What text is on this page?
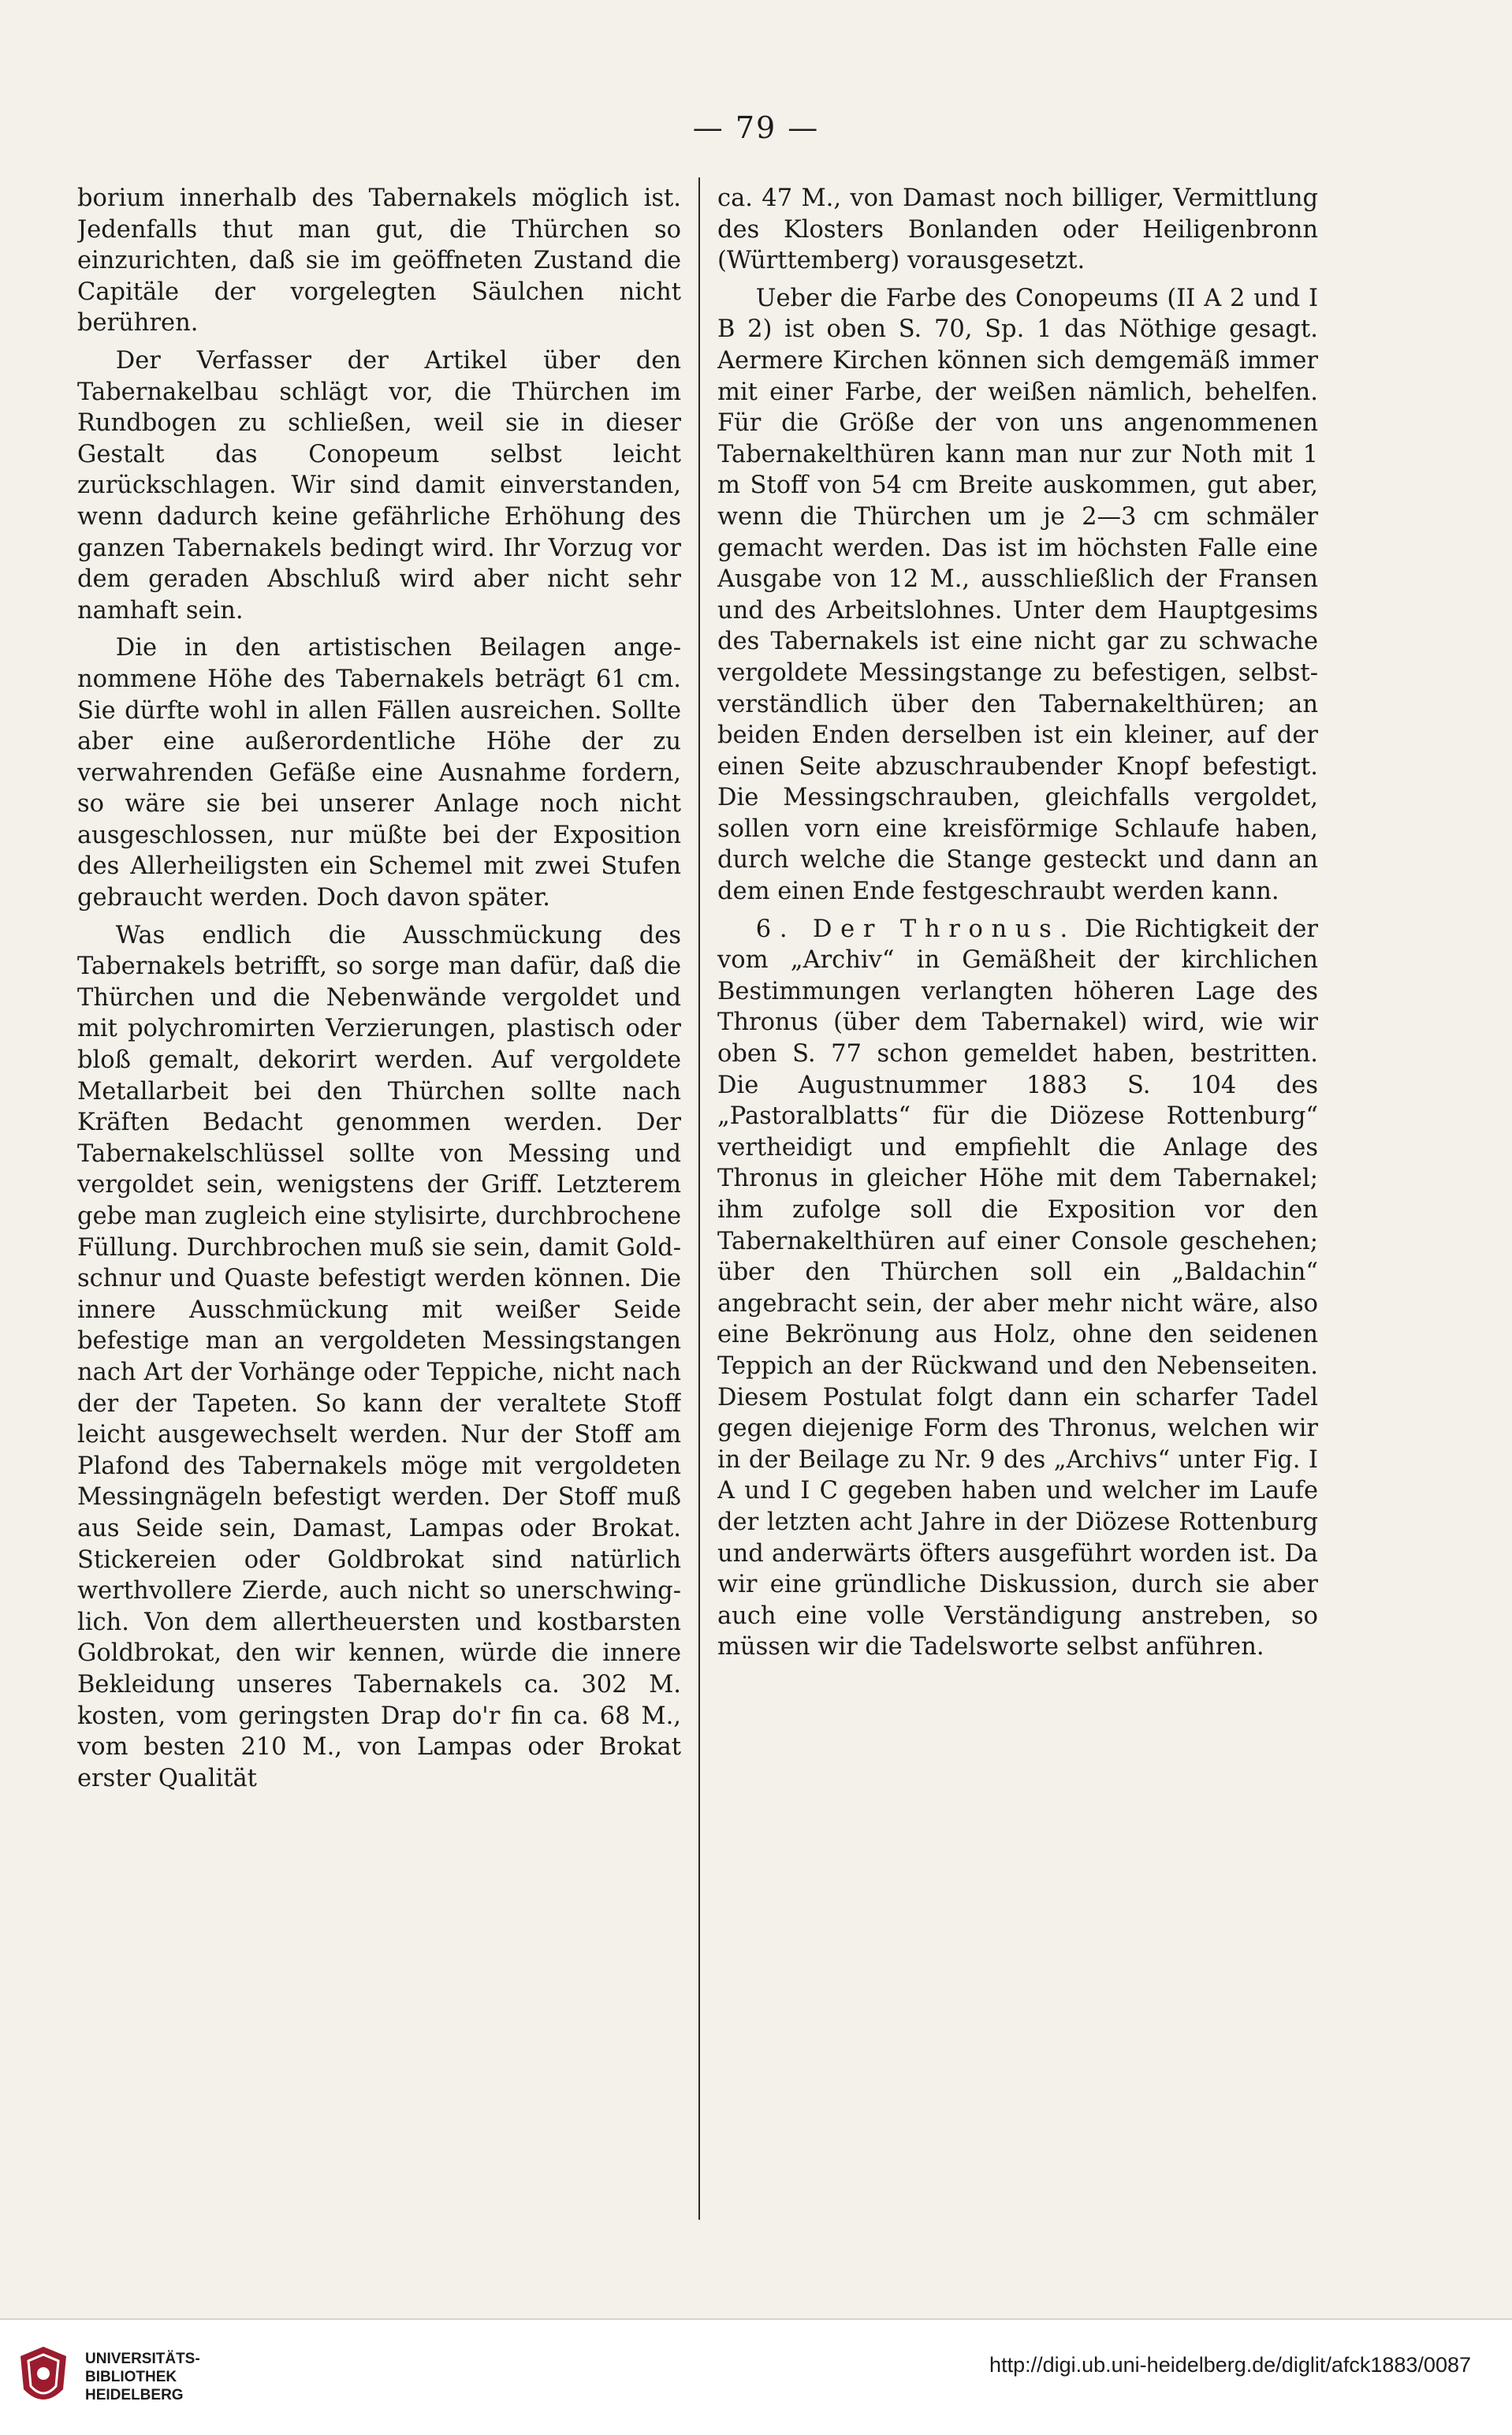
— 79 —

borium innerhalb des Tabernakels möglich ist. Jedenfalls thut man gut, die Thürchen so einzurichten, daß sie im geöffneten Zustand die Capitäle der vorgelegten Säulchen nicht berühren.

Der Verfasser der Artikel über den Tabernakelbau schlägt vor, die Thürchen im Rundbogen zu schließen, weil sie in dieser Gestalt das Conopeum selbst leicht zurückschlagen. Wir sind damit einverstanden, wenn dadurch keine gefährliche Erhöhung des ganzen Tabernakels bedingt wird. Ihr Vorzug vor dem geraden Abschluß wird aber nicht sehr namhaft sein.

Die in den artistischen Beilagen angenommene Höhe des Tabernakels beträgt 61 cm. Sie dürfte wohl in allen Fällen ausreichen. Sollte aber eine außerordentliche Höhe der zu verwahrenden Gefäße eine Ausnahme fordern, so wäre sie bei unserer Anlage noch nicht ausgeschlossen, nur müßte bei der Exposition des Allerheiligsten ein Schemel mit zwei Stufen gebraucht werden. Doch davon später.

Was endlich die Ausschmückung des Tabernakels betrifft, so sorge man dafür, daß die Thürchen und die Nebenwände vergoldet und mit polychromirten Verzierungen, plastisch oder bloß gemalt, dekorirt werden. Auf vergoldete Metallarbeit bei den Thürchen sollte nach Kräften Bedacht genommen werden. Der Tabernakelschlüssel sollte von Messing und vergoldet sein, wenigstens der Griff. Letzterem gebe man zugleich eine stylisirte, durchbrochene Füllung. Durchbrochen muß sie sein, damit Goldschnur und Quaste befestigt werden können. Die innere Ausschmückung mit weißer Seide befestige man an vergoldeten Messingstangen nach Art der Vorhänge oder Teppiche, nicht nach der der Tapeten. So kann der veraltete Stoff leicht ausgewechselt werden. Nur der Stoff am Plafond des Tabernakels möge mit vergoldeten Messingnägeln befestigt werden. Der Stoff muß aus Seide sein, Damast, Lampas oder Brokat. Stickereien oder Goldbrokat sind natürlich werthvollere Zierde, auch nicht so unerschwinglich. Von dem allertheuersten und kostbarsten Goldbrokat, den wir kennen, würde die innere Bekleidung unseres Tabernakels ca. 302 M. kosten, vom geringsten Drap do'r fin ca. 68 M., vom besten 210 M., von Lampas oder Brokat erster Qualität

ca. 47 M., von Damast noch billiger, Vermittlung des Klosters Bonlanden oder Heiligenbronn (Württemberg) vorausgesetzt.

Ueber die Farbe des Conopeums (II A 2 und I B 2) ist oben S. 70, Sp. 1 das Nöthige gesagt. Aermere Kirchen können sich demgemäß immer mit einer Farbe, der weißen nämlich, behelfen. Für die Größe der von uns angenommenen Tabernakelthüren kann man nur zur Noth mit 1 m Stoff von 54 cm Breite auskommen, gut aber, wenn die Thürchen um je 2—3 cm schmäler gemacht werden. Das ist im höchsten Falle eine Ausgabe von 12 M., ausschließlich der Fransen und des Arbeitslohnes. Unter dem Hauptgesims des Tabernakels ist eine nicht gar zu schwache vergoldete Messingstange zu befestigen, selbstverständlich über den Tabernakelthüren; an beiden Enden derselben ist ein kleiner, auf der einen Seite abzuschraubender Knopf befestigt. Die Messingschrauben, gleichfalls vergoldet, sollen vorn eine kreisförmige Schlaufe haben, durch welche die Stange gesteckt und dann an dem einen Ende festgeschraubt werden kann.

6. Der Thronus. Die Richtigkeit der vom „Archiv“ in Gemäßheit der kirchlichen Bestimmungen verlangten höheren Lage des Thronus (über dem Tabernakel) wird, wie wir oben S. 77 schon gemeldet haben, bestritten. Die Augustnummer 1883 S. 104 des „Pastoralblatts“ für die Diözese Rottenburg“ vertheidigt und empfiehlt die Anlage des Thronus in gleicher Höhe mit dem Tabernakel; ihm zufolge soll die Exposition vor den Tabernakelthüren auf einer Console geschehen; über den Thürchen soll ein „Baldachin“ angebracht sein, der aber mehr nicht wäre, also eine Bekrönung aus Holz, ohne den seidenen Teppich an der Rückwand und den Nebenseiten. Diesem Postulat folgt dann ein scharfer Tadel gegen diejenige Form des Thronus, welchen wir in der Beilage zu Nr. 9 des „Archivs“ unter Fig. I A und I C gegeben haben und welcher im Laufe der letzten acht Jahre in der Diözese Rottenburg und anderwärts öfters ausgeführt worden ist. Da wir eine gründliche Diskussion, durch sie aber auch eine volle Verständigung anstreben, so müssen wir die Tadelsworte selbst anführen.

UNIVERSITÄTS-
BIBLIOTHEK
HEIDELBERG
http://digi.ub.uni-heidelberg.de/diglit/afck1883/0087
